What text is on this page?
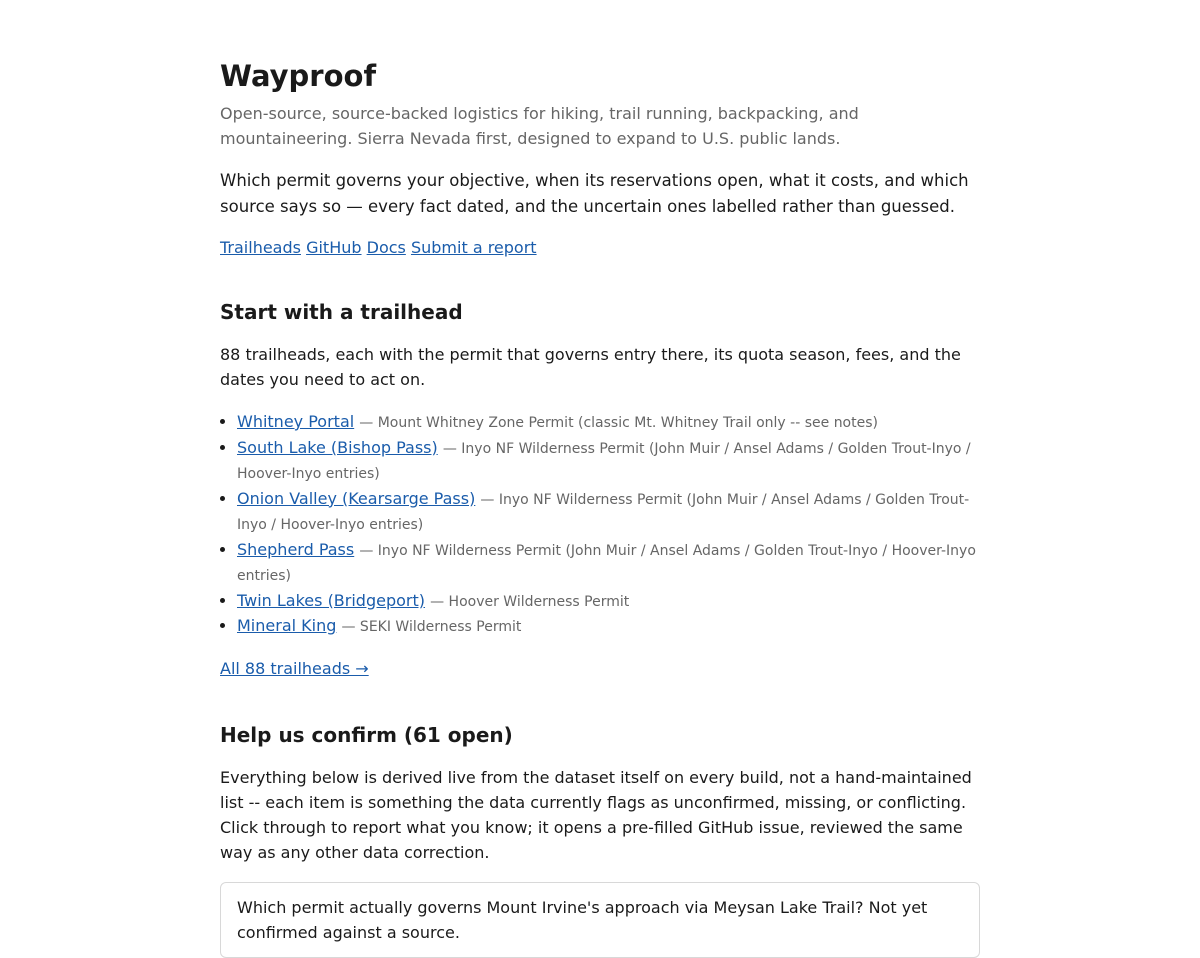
Wayproof

Open-source, source-backed logistics for hiking, trail running, backpacking, and mountaineering. Sierra Nevada first, designed to expand to U.S. public lands.

Which permit governs your objective, when its reservations open, what it costs, and which source says so — every fact dated, and the uncertain ones labelled rather than guessed.

Trailheads GitHub Docs Submit a report
Start with a trailhead

88 trailheads, each with the permit that governs entry there, its quota season, fees, and the dates you need to act on.

• Whitney Portal — Mount Whitney Zone Permit (classic Mt. Whitney Trail only -- see notes)
• South Lake (Bishop Pass) — Inyo NF Wilderness Permit (John Muir / Ansel Adams / Golden Trout-Inyo / Hoover-Inyo entries)
• Onion Valley (Kearsarge Pass) — Inyo NF Wilderness Permit (John Muir / Ansel Adams / Golden Trout-Inyo / Hoover-Inyo entries)
• Shepherd Pass — Inyo NF Wilderness Permit (John Muir / Ansel Adams / Golden Trout-Inyo / Hoover-Inyo entries)
• Twin Lakes (Bridgeport) — Hoover Wilderness Permit
• Mineral King — SEKI Wilderness Permit
All 88 trailheads →
Help us confirm (61 open)

Everything below is derived live from the dataset itself on every build, not a hand-maintained list -- each item is something the data currently flags as unconfirmed, missing, or conflicting. Click through to report what you know; it opens a pre-filled GitHub issue, reviewed the same way as any other data correction.

Which permit actually governs Mount Irvine's approach via Meysan Lake Trail? Not yet confirmed against a source.
